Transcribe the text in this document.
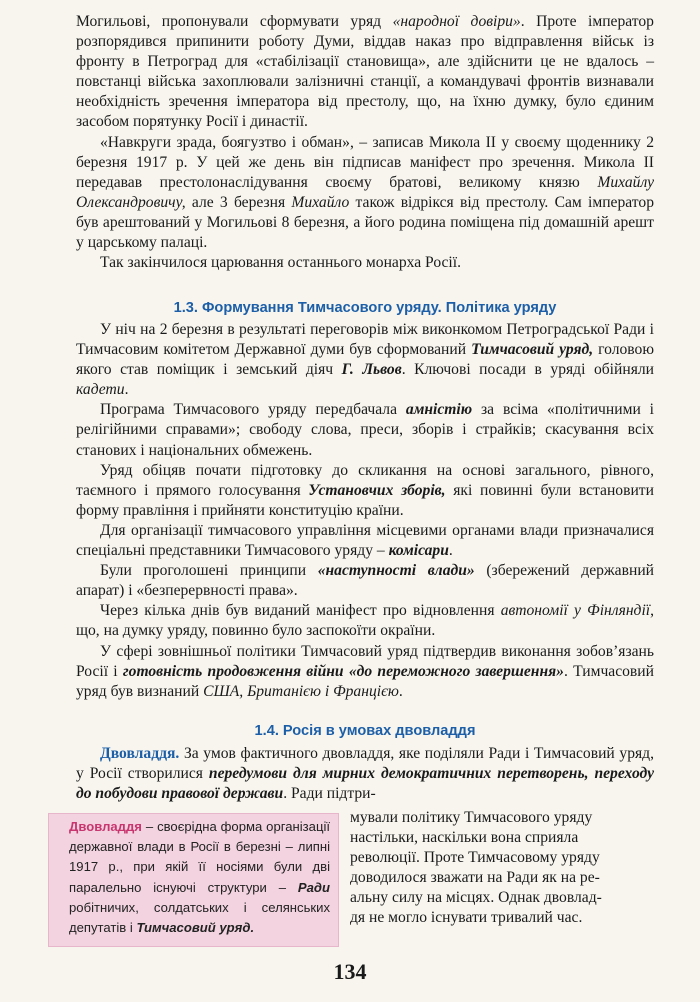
Могильові, пропонували сформувати уряд «народної довіри». Проте імператор розпорядився припинити роботу Думи, віддав наказ про відправлення військ із фронту в Петроград для «стабілізації становища», але здійснити це не вдалось – повстанці війська захоплювали залізничні станції, а командувачі фронтів визнавали необхідність зречення імператора від престолу, що, на їхню думку, було єдиним засобом порятунку Росії і династії.

«Навкруги зрада, боягузтво і обман», – записав Микола II у своєму щоденнику 2 березня 1917 р. У цей же день він підписав маніфест про зречення. Микола II передавав престолонаслідування своєму братові, великому князю Михайлу Олександровичу, але 3 березня Михайло також відрікся від престолу. Сам імператор був арештований у Могильові 8 березня, а його родина поміщена під домашній арешт у царському палаці.

Так закінчилося царювання останнього монарха Росії.

1.3. Формування Тимчасового уряду. Політика уряду

У ніч на 2 березня в результаті переговорів між виконкомом Петроградської Ради і Тимчасовим комітетом Державної думи був сформований Тимчасовий уряд, головою якого став поміщик і земський діяч Г. Львов. Ключові посади в уряді обійняли кадети.

Програма Тимчасового уряду передбачала амністію за всіма «політичними і релігійними справами»; свободу слова, преси, зборів і страйків; скасування всіх станових і національних обмежень.

Уряд обіцяв почати підготовку до скликання на основі загального, рівного, таємного і прямого голосування Установчих зборів, які повинні були встановити форму правління і прийняти конституцію країни.

Для організації тимчасового управління місцевими органами влади призначалися спеціальні представники Тимчасового уряду – комісари.

Були проголошені принципи «наступності влади» (збережений державний апарат) і «безперервності права».

Через кілька днів був виданий маніфест про відновлення автономії у Фінляндії, що, на думку уряду, повинно було заспокоїти окраїни.

У сфері зовнішньої політики Тимчасовий уряд підтвердив виконання зобов’язань Росії і готовність продовження війни «до переможного завершення». Тимчасовий уряд був визнаний США, Британією і Францією.

1.4. Росія в умовах двовладдя

Двовладдя. За умов фактичного двовладдя, яке поділяли Ради і Тимчасовий уряд, у Росії створилися передумови для мирних демократичних перетворень, переходу до побудови правової держави. Ради підтри-

Двовладдя – своєрідна форма організації державної влади в Росії в березні – липні 1917 р., при якій її носіями були дві паралельно існуючі структури – Ради робітничих, солдатських і селянських депутатів і Тимчасовий уряд.
мували політику Тимчасового уряду
настільки, наскільки вона сприяла
революції. Проте Тимчасовому уряду
доводилося зважати на Ради як на ре-
альну силу на місцях. Однак двовлад-
дя не могло існувати тривалий час.
134
